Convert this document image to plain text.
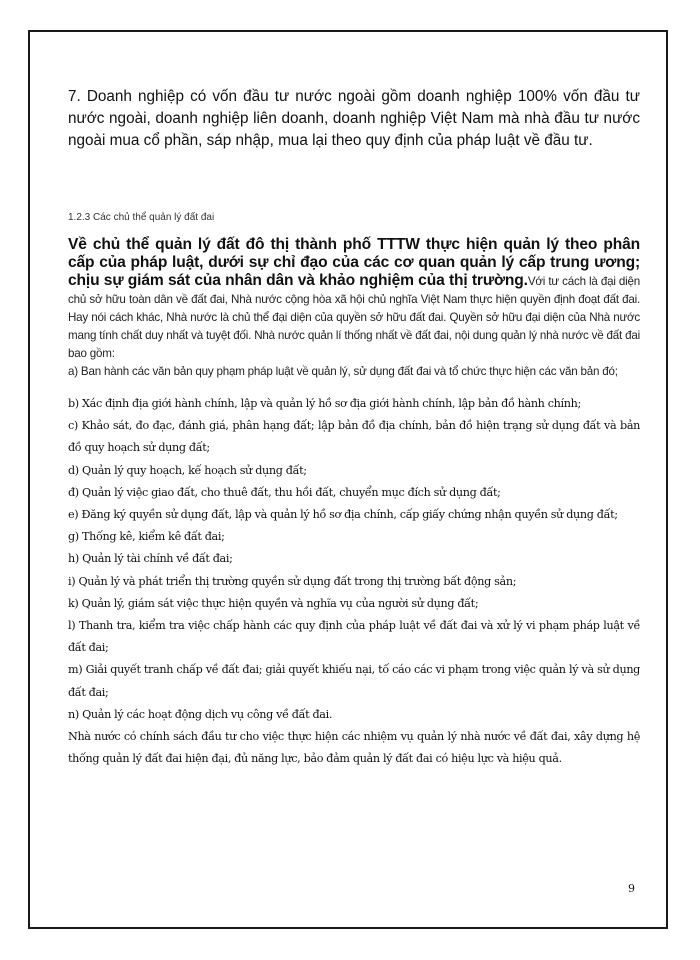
7. Doanh nghiệp có vốn đầu tư nước ngoài gồm doanh nghiệp 100% vốn đầu tư nước ngoài, doanh nghiệp liên doanh, doanh nghiệp Việt Nam mà nhà đầu tư nước ngoài mua cổ phần, sáp nhập, mua lại theo quy định của pháp luật về đầu tư.

1.2.3 Các chủ thể quản lý đất đai

Về chủ thể quản lý đất đô thị thành phố TTTW thực hiện quản lý theo phân cấp của pháp luật, dưới sự chỉ đạo của các cơ quan quản lý cấp trung ương; chịu sự giám sát của nhân dân và khảo nghiệm của thị trường.Với tư cách là đại diện chủ sở hữu toàn dân về đất đai, Nhà nước cộng hòa xã hội chủ nghĩa Việt Nam thực hiện quyền định đoạt đất đai. Hay nói cách khác, Nhà nước là chủ thể đại diện của quyền sở hữu đất đai. Quyền sở hữu đại diện của Nhà nước mang tính chất duy nhất và tuyệt đối. Nhà nước quản lí thống nhất về đất đai, nội dung quản lý nhà nước về đất đai bao gồm:
a) Ban hành các văn bản quy phạm pháp luật về quản lý, sử dụng đất đai và tổ chức thực hiện các văn bản đó;

b) Xác định địa giới hành chính, lập và quản lý hồ sơ địa giới hành chính, lập bản đồ hành chính;
c) Khảo sát, đo đạc, đánh giá, phân hạng đất; lập bản đồ địa chính, bản đồ hiện trạng sử dụng đất và bản đồ quy hoạch sử dụng đất;
d) Quản lý quy hoạch, kế hoạch sử dụng đất;
đ) Quản lý việc giao đất, cho thuê đất, thu hồi đất, chuyển mục đích sử dụng đất;
e) Đăng ký quyền sử dụng đất, lập và quản lý hồ sơ địa chính, cấp giấy chứng nhận quyền sử dụng đất;
g) Thống kê, kiểm kê đất đai;
h) Quản lý tài chính về đất đai;
i) Quản lý và phát triển thị trường quyền sử dụng đất trong thị trường bất động sản;
k) Quản lý, giám sát việc thực hiện quyền và nghĩa vụ của người sử dụng đất;
l) Thanh tra, kiểm tra việc chấp hành các quy định của pháp luật về đất đai và xử lý vi phạm pháp luật về đất đai;
m) Giải quyết tranh chấp về đất đai; giải quyết khiếu nại, tố cáo các vi phạm trong việc quản lý và sử dụng đất đai;
n) Quản lý các hoạt động dịch vụ công về đất đai.
Nhà nước có chính sách đầu tư cho việc thực hiện các nhiệm vụ quản lý nhà nước về đất đai, xây dựng hệ thống quản lý đất đai hiện đại, đủ năng lực, bảo đảm quản lý đất đai có hiệu lực và hiệu quả.
9
